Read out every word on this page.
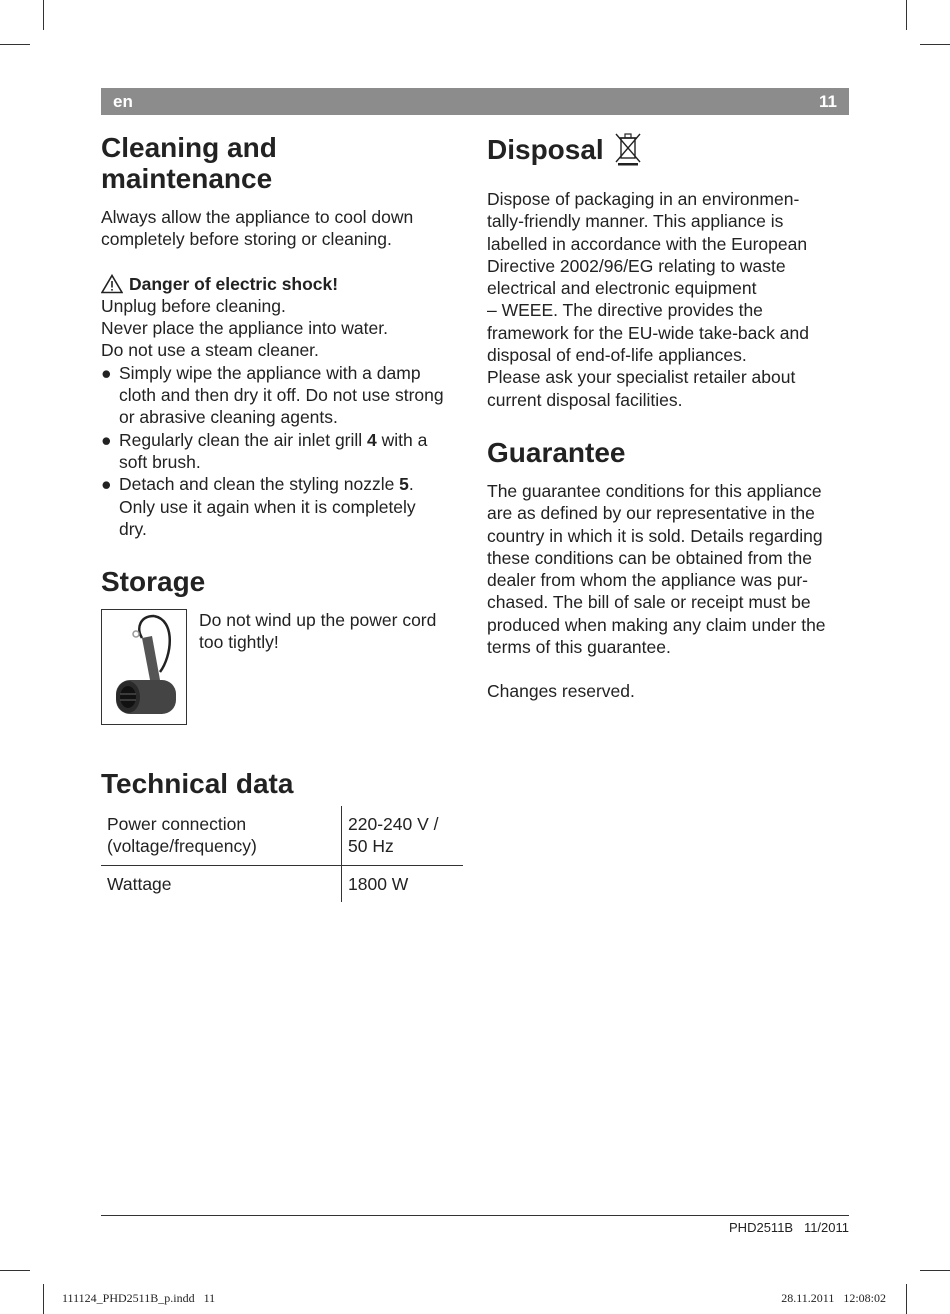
en	11
Cleaning and
maintenance

Always allow the appliance to cool down
completely before storing or cleaning.

Danger of electric shock!

Unplug before cleaning.

Never place the appliance into water.

Do not use a steam cleaner.

● Simply wipe the appliance with a damp
cloth and then dry it off. Do not use strong
or abrasive cleaning agents.
● Regularly clean the air inlet grill 4 with a
soft brush.
● Detach and clean the styling nozzle 5.
Only use it again when it is completely
dry.
Storage

Do not wind up the power cord
too tightly!

Technical data
Power connection
(voltage/frequency)	220-240 V /
50 Hz
Wattage	1800 W
Disposal

Dispose of packaging in an environmen-
tally-friendly manner. This appliance is
labelled in accordance with the European
Directive 2002/96/EG relating to waste
electrical and electronic equipment
– WEEE. The directive provides the
framework for the EU-wide take-back and
disposal of end-of-life appliances.
Please ask your specialist retailer about
current disposal facilities.

Guarantee

The guarantee conditions for this appliance
are as defined by our representative in the
country in which it is sold. Details regarding
these conditions can be obtained from the
dealer from whom the appliance was pur-
chased. The bill of sale or receipt must be
produced when making any claim under the
terms of this guarantee.

Changes reserved.

PHD2511B 11/2011
111124_PHD2511B_p.indd   11	28.11.2011   12:08:02
